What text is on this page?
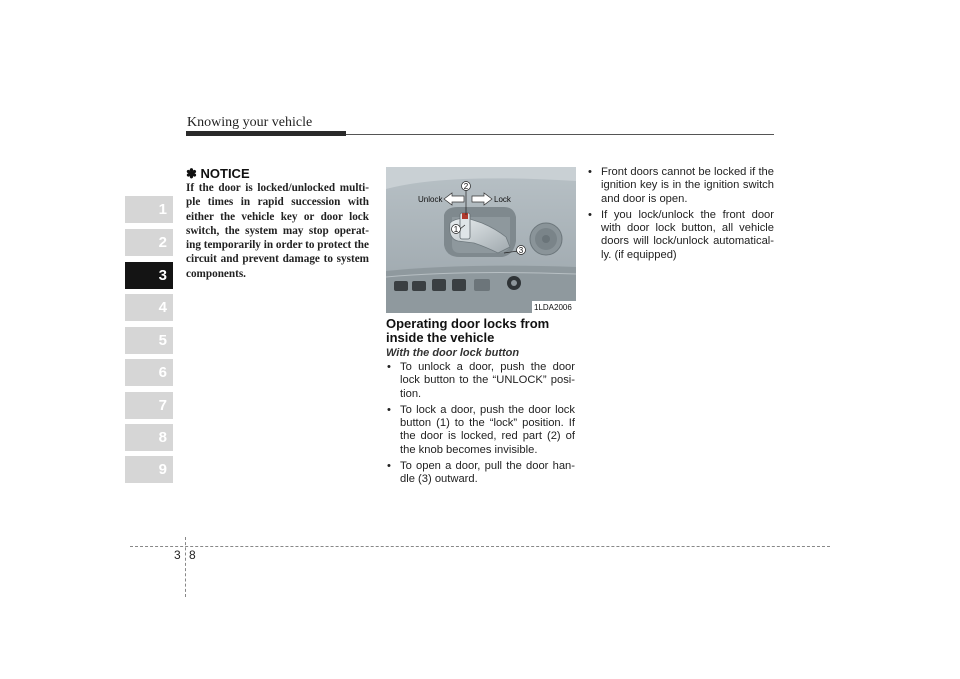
Knowing your vehicle
1
2
3
4
5
6
7
8
9
✽ NOTICE
If the door is locked/unlocked multi-ple times in rapid succession with either the vehicle key or door lock switch, the system may stop operat-ing temporarily in order to protect the circuit and prevent damage to system components.
2
1
3
Unlock	Lock
1LDA2006
Operating door locks from inside the vehicle
With the door lock button
• To unlock a door, push the door lock button to the “UNLOCK” posi-tion.
• To lock a door, push the door lock button (1) to the “lock” position. If the door is locked, red part (2) of the knob becomes invisible.
• To open a door, pull the door han-dle (3) outward.
• Front doors cannot be locked if the ignition key is in the ignition switch and door is open.
• If you lock/unlock the front door with door lock button, all vehicle doors will lock/unlock automatical-ly. (if equipped)
3 8
